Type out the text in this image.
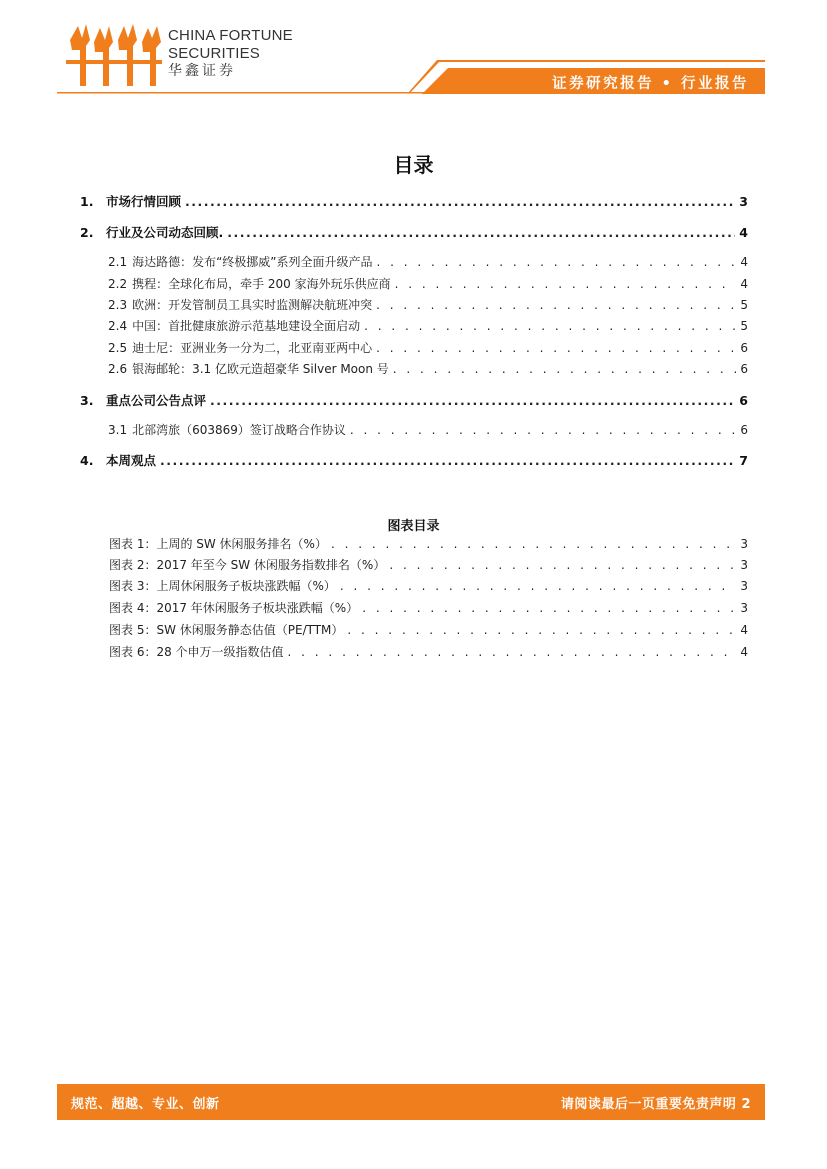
CHINA FORTUNE
SECURITIES
华鑫证券
证券研究报告 • 行业报告
目录
1.	市场行情回顾 .....	3
2.	行业及公司动态回顾. .....	4
2.1 海达路德：发布“终极挪威”系列全面升级产品 . . .	4
2.2 携程：全球化布局，牵手 200 家海外玩乐供应商 . . .	4
2.3 欧洲：开发管制员工具实时监测解决航班冲突 . . .	5
2.4 中国：首批健康旅游示范基地建设全面启动 . . .	5
2.5 迪士尼：亚洲业务一分为二，北亚南亚两中心 . . .	6
2.6 银海邮轮：3.1 亿欧元造超豪华 Silver Moon 号 . . .	6
3.	重点公司公告点评 .....	6
3.1 北部湾旅（603869）签订战略合作协议 . . .	6
4.	本周观点 .....	7
图表目录
图表 1：上周的 SW 休闲服务排名（%） . . .	3
图表 2：2017 年至今 SW 休闲服务指数排名（%） . . .	3
图表 3：上周休闲服务子板块涨跌幅（%） . . .	3
图表 4：2017 年休闲服务子板块涨跌幅（%） . . .	3
图表 5：SW 休闲服务静态估值（PE/TTM） . . .	4
图表 6：28 个申万一级指数估值 . . .	4
规范、超越、专业、创新	请阅读最后一页重要免责声明 2
